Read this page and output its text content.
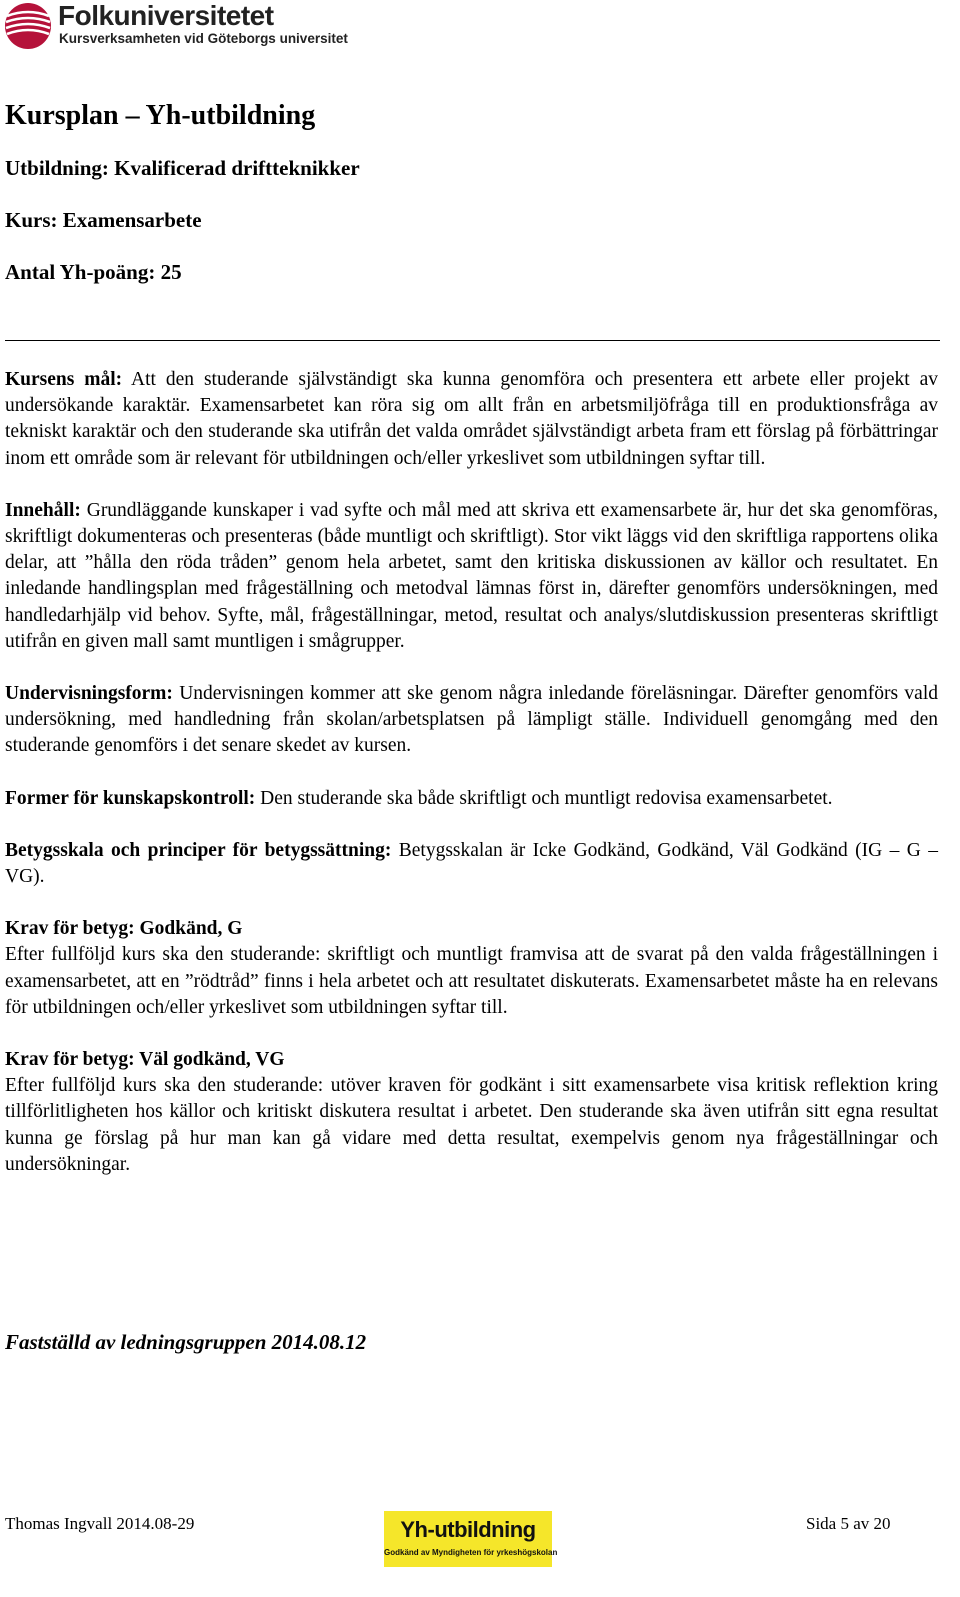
Folkuniversitetet
Kursverksamheten vid Göteborgs universitet
Kursplan – Yh-utbildning

Utbildning: Kvalificerad driftteknikker

Kurs: Examensarbete

Antal Yh-poäng: 25

Kursens mål: Att den studerande självständigt ska kunna genomföra och presentera ett arbete eller projekt av undersökande karaktär. Examensarbetet kan röra sig om allt från en arbetsmiljöfråga till en produktionsfråga av tekniskt karaktär och den studerande ska utifrån det valda området självständigt arbeta fram ett förslag på förbättringar inom ett område som är relevant för utbildningen och/eller yrkeslivet som utbildningen syftar till.

Innehåll: Grundläggande kunskaper i vad syfte och mål med att skriva ett examensarbete är, hur det ska genomföras, skriftligt dokumenteras och presenteras (både muntligt och skriftligt). Stor vikt läggs vid den skriftliga rapportens olika delar, att ”hålla den röda tråden” genom hela arbetet, samt den kritiska diskussionen av källor och resultatet. En inledande handlingsplan med frågeställning och metodval lämnas först in, därefter genomförs undersökningen, med handledarhjälp vid behov. Syfte, mål, frågeställningar, metod, resultat och analys/slutdiskussion presenteras skriftligt utifrån en given mall samt muntligen i smågrupper.

Undervisningsform: Undervisningen kommer att ske genom några inledande föreläsningar. Därefter genomförs vald undersökning, med handledning från skolan/arbetsplatsen på lämpligt ställe. Individuell genomgång med den studerande genomförs i det senare skedet av kursen.

Former för kunskapskontroll: Den studerande ska både skriftligt och muntligt redovisa examensarbetet.

Betygsskala och principer för betygssättning: Betygsskalan är Icke Godkänd, Godkänd, Väl Godkänd (IG – G – VG).

Krav för betyg: Godkänd, G
Efter fullföljd kurs ska den studerande: skriftligt och muntligt framvisa att de svarat på den valda frågeställningen i examensarbetet, att en ”rödtråd” finns i hela arbetet och att resultatet diskuterats. Examensarbetet måste ha en relevans för utbildningen och/eller yrkeslivet som utbildningen syftar till.

Krav för betyg: Väl godkänd, VG
Efter fullföljd kurs ska den studerande: utöver kraven för godkänt i sitt examensarbete visa kritisk reflektion kring tillförlitligheten hos källor och kritiskt diskutera resultat i arbetet. Den studerande ska även utifrån sitt egna resultat kunna ge förslag på hur man kan gå vidare med detta resultat, exempelvis genom nya frågeställningar och undersökningar.

Fastställd av ledningsgruppen 2014.08.12

Thomas Ingvall 2014.08-29	Yh-utbildning
Godkänd av Myndigheten för yrkeshögskolan
Sida 5 av 20
